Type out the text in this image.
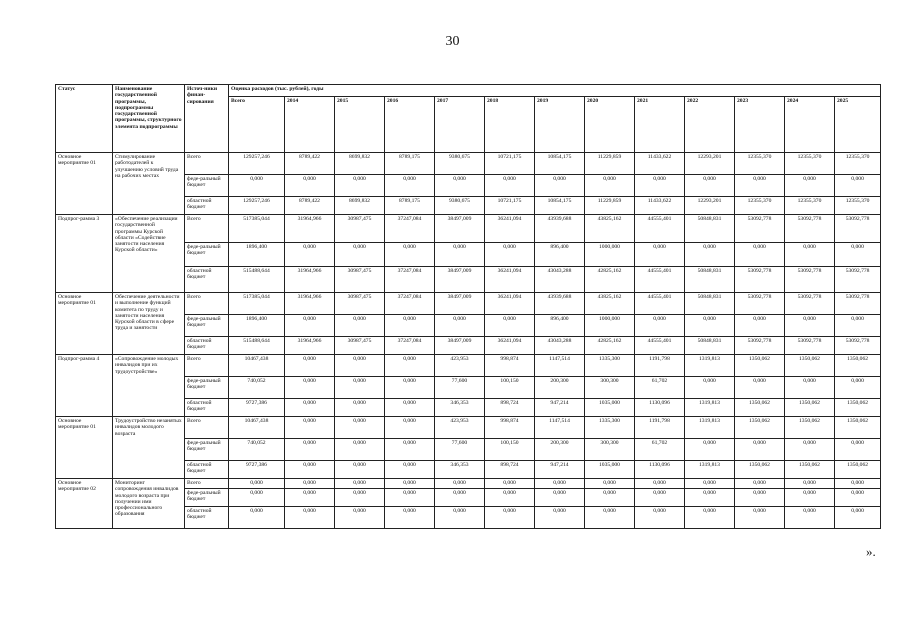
30
Статус	Наименование государственной программы, подпрограммы государственной программы, структурного элемента подпрограммы	Источ-ники финан-сирования	Оценка расходов (тыс. рублей), годы												
			Всего	2014	2015	2016	2017	2018	2019	2020	2021	2022	2023	2024	2025
Основное мероприятие 01	Стимулирование работодателей к улучшению условий труда на рабочих местах	Всего	129257,246	8789,422	8699,832	8789,175	9380,675	10721,175	10854,175	11229,859	11433,622	12293,201	12355,370	12355,370	12355,370
		феде-ральный бюджет	0,000	0,000	0,000	0,000	0,000	0,000	0,000	0,000	0,000	0,000	0,000	0,000	0,000
		областной бюджет	129257,246	8789,422	8699,832	8789,175	9380,675	10721,175	10854,175	11229,859	11433,622	12293,201	12355,370	12355,370	12355,370
Подпрог-рамма 3	«Обеспечение реализации государственной программы Курской области «Содействие занятости населения Курской области»	Всего	517385,044	31964,966	30987,475	37247,084	38497,009	36241,094	43939,688	43825,162	44555,401	50848,831	53092,778	53092,778	53092,778
		феде-ральный бюджет	1896,400	0,000	0,000	0,000	0,000	0,000	896,400	1000,000	0,000	0,000	0,000	0,000	0,000
		областной бюджет	515488,644	31964,966	30987,475	37247,084	38497,009	36241,094	43043,288	42825,162	44555,401	50848,831	53092,778	53092,778	53092,778
Основное мероприятие 01	Обеспечение деятельности и выполнение функций комитета по труду и занятости населения Курской области в сфере труда и занятости	Всего	517385,044	31964,966	30987,475	37247,084	38497,009	36241,094	43939,688	43825,162	44555,401	50848,831	53092,778	53092,778	53092,778
		феде-ральный бюджет	1896,400	0,000	0,000	0,000	0,000	0,000	896,400	1000,000	0,000	0,000	0,000	0,000	0,000
		областной бюджет	515488,644	31964,966	30987,475	37247,084	38497,009	36241,094	43043,288	42825,162	44555,401	50848,831	53092,778	53092,778	53092,778
Подпрог-рамма 4	«Сопровождение молодых инвалидов при их трудоустройстве»	Всего	10467,438	0,000	0,000	0,000	423,953	998,874	1147,514	1335,300	1191,798	1319,813	1350,062	1350,062	1350,062
		феде-ральный бюджет	740,052	0,000	0,000	0,000	77,600	100,150	200,300	300,300	61,702	0,000	0,000	0,000	0,000
		областной бюджет	9727,386	0,000	0,000	0,000	346,353	898,724	947,214	1035,000	1130,096	1319,813	1350,062	1350,062	1350,062
Основное мероприятие 01	Трудоустройство незанятых инвалидов молодого возраста	Всего	10467,438	0,000	0,000	0,000	423,953	998,874	1147,514	1335,300	1191,798	1319,813	1350,062	1350,062	1350,062
		феде-ральный бюджет	740,052	0,000	0,000	0,000	77,600	100,150	200,300	300,300	61,702	0,000	0,000	0,000	0,000
		областной бюджет	9727,386	0,000	0,000	0,000	346,353	898,724	947,214	1035,000	1130,096	1319,813	1350,062	1350,062	1350,062
Основное мероприятие 02	Мониторинг сопровождения инвалидов молодого возраста при получении ими профессионального образования	Всего	0,000	0,000	0,000	0,000	0,000	0,000	0,000	0,000	0,000	0,000	0,000	0,000	0,000
		феде-ральный бюджет	0,000	0,000	0,000	0,000	0,000	0,000	0,000	0,000	0,000	0,000	0,000	0,000	0,000
		областной бюджет	0,000	0,000	0,000	0,000	0,000	0,000	0,000	0,000	0,000	0,000	0,000	0,000	0,000
».
